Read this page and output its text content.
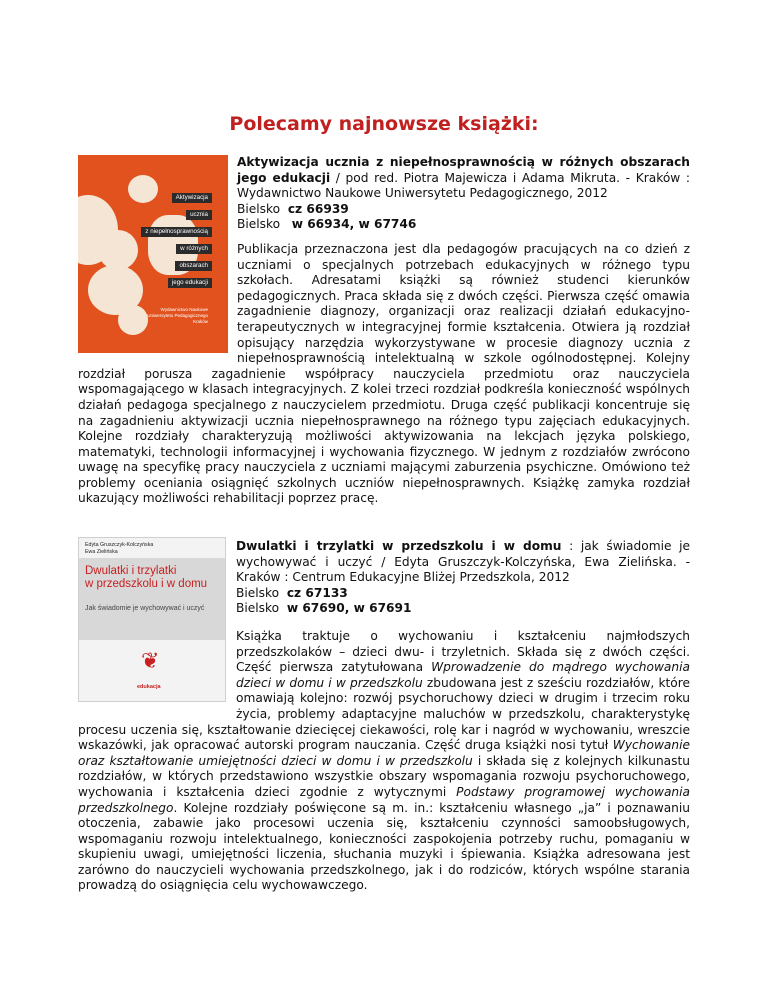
Polecamy najnowsze książki:
Aktywizacja
ucznia
z niepełnosprawnością
w różnych
obszarach
jego edukacji
Wydawnictwo Naukowe Uniwersytetu Pedagogicznego Kraków

Aktywizacja ucznia z niepełnosprawnością w różnych obszarach jego edukacji / pod red. Piotra Majewicza i Adama Mikruta. - Kraków : Wydawnictwo Naukowe Uniwersytetu Pedagogicznego, 2012

Bielsko cz 66939

Bielsko w 66934, w 67746

Publikacja przeznaczona jest dla pedagogów pracujących na co dzień z uczniami o specjalnych potrzebach edukacyjnych w różnego typu szkołach. Adresatami książki są również studenci kierunków pedagogicznych. Praca składa się z dwóch części. Pierwsza część omawia zagadnienie diagnozy, organizacji oraz realizacji działań edukacyjno-terapeutycznych w integracyjnej formie kształcenia. Otwiera ją rozdział opisujący narzędzia wykorzystywane w procesie diagnozy ucznia z niepełnosprawnością intelektualną w szkole ogólnodostępnej. Kolejny rozdział porusza zagadnienie współpracy nauczyciela przedmiotu oraz nauczyciela wspomagającego w klasach integracyjnych. Z kolei trzeci rozdział podkreśla konieczność wspólnych działań pedagoga specjalnego z nauczycielem przedmiotu. Druga część publikacji koncentruje się na zagadnieniu aktywizacji ucznia niepełnosprawnego na różnego typu zajęciach edukacyjnych. Kolejne rozdziały charakteryzują możliwości aktywizowania na lekcjach języka polskiego, matematyki, technologii informacyjnej i wychowania fizycznego. W jednym z rozdziałów zwrócono uwagę na specyfikę pracy nauczyciela z uczniami mającymi zaburzenia psychiczne. Omówiono też problemy oceniania osiągnięć szkolnych uczniów niepełnosprawnych. Książkę zamyka rozdział ukazujący możliwości rehabilitacji poprzez pracę.

Edyta Gruszczyk-Kolczyńska
Ewa Zielińska
Dwulatki i trzylatki
w przedszkolu i w domu
Jak świadomie je wychowywać i uczyć
❦
edukacja

Dwulatki i trzylatki w przedszkolu i w domu : jak świadomie je wychowywać i uczyć / Edyta Gruszczyk-Kolczyńska, Ewa Zielińska. - Kraków : Centrum Edukacyjne Bliżej Przedszkola, 2012

Bielsko cz 67133

Bielsko w 67690, w 67691

Książka traktuje o wychowaniu i kształceniu najmłodszych przedszkolaków – dzieci dwu- i trzyletnich. Składa się z dwóch części. Część pierwsza zatytułowana Wprowadzenie do mądrego wychowania dzieci w domu i w przedszkolu zbudowana jest z sześciu rozdziałów, które omawiają kolejno: rozwój psychoruchowy dzieci w drugim i trzecim roku życia, problemy adaptacyjne maluchów w przedszkolu, charakterystykę procesu uczenia się, kształtowanie dziecięcej ciekawości, rolę kar i nagród w wychowaniu, wreszcie wskazówki, jak opracować autorski program nauczania. Część druga książki nosi tytuł Wychowanie oraz kształtowanie umiejętności dzieci w domu i w przedszkolu i składa się z kolejnych kilkunastu rozdziałów, w których przedstawiono wszystkie obszary wspomagania rozwoju psychoruchowego, wychowania i kształcenia dzieci zgodnie z wytycznymi Podstawy programowej wychowania przedszkolnego. Kolejne rozdziały poświęcone są m. in.: kształceniu własnego „ja” i poznawaniu otoczenia, zabawie jako procesowi uczenia się, kształceniu czynności samoobsługowych, wspomaganiu rozwoju intelektualnego, konieczności zaspokojenia potrzeby ruchu, pomaganiu w skupieniu uwagi, umiejętności liczenia, słuchania muzyki i śpiewania. Książka adresowana jest zarówno do nauczycieli wychowania przedszkolnego, jak i do rodziców, których wspólne starania prowadzą do osiągnięcia celu wychowawczego.
